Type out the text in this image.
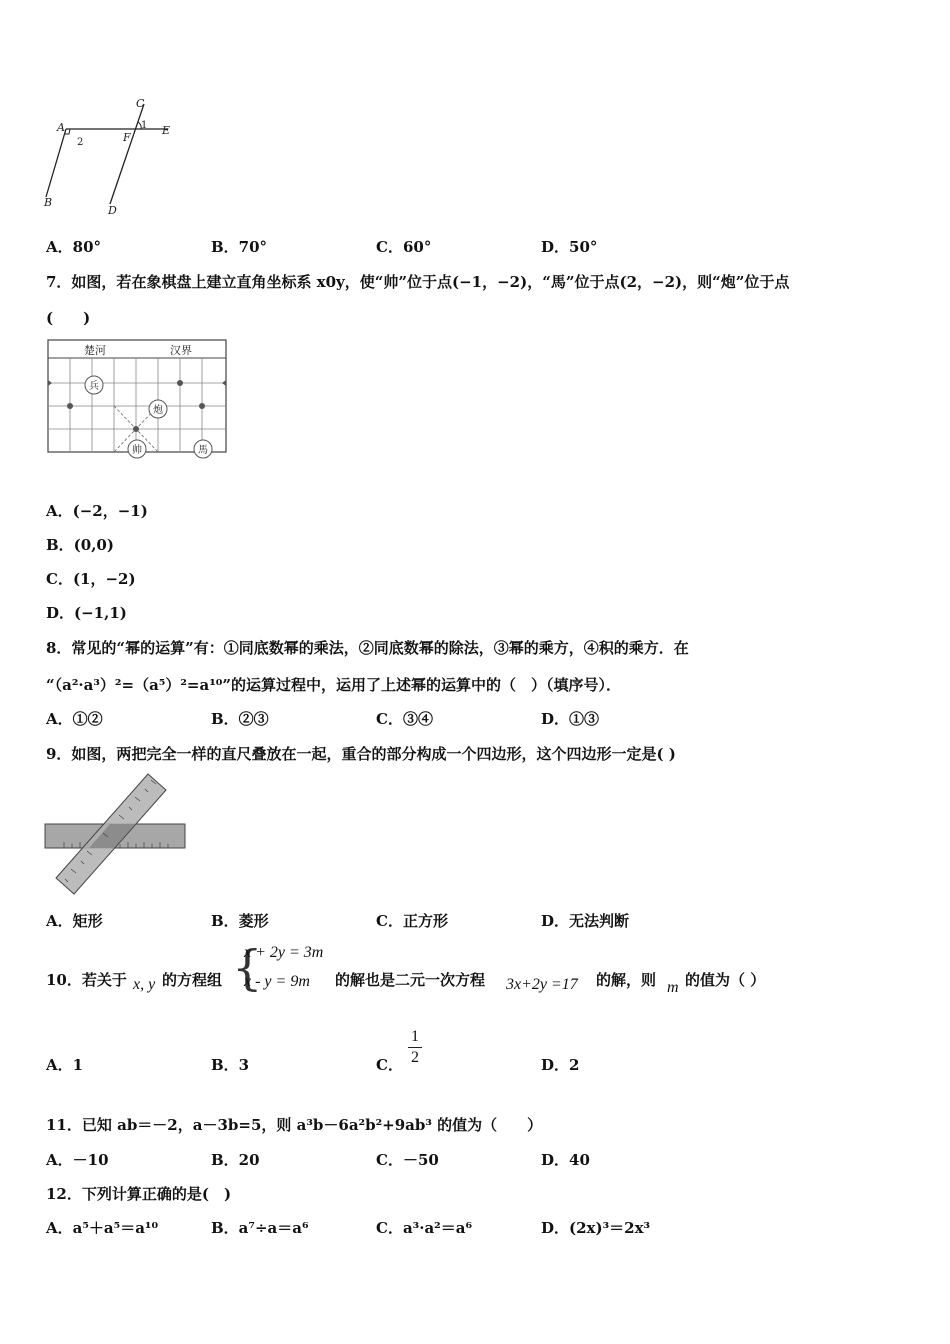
A
C
E
F
B
D
1
2
A．80°	B．70°	C．60°	D．50°
7．如图，若在象棋盘上建立直角坐标系 x0y，使“帅”位于点(−1，−2)，“馬”位于点(2，−2)，则“炮”位于点
(　　)
楚河	汉界
兵
炮
帅	馬
A．(−2，−1)
B．(0,0)
C．(1，−2)
D．(−1,1)
8．常见的“幂的运算”有：①同底数幂的乘法，②同底数幂的除法，③幂的乘方，④积的乘方．在
“（a²·a³）²=（a⁵）²=a¹⁰”的运算过程中，运用了上述幂的运算中的（　）（填序号）．
A．①②	B．②③	C．③④	D．①③
9．如图，两把完全一样的直尺叠放在一起，重合的部分构成一个四边形，这个四边形一定是( )
A．矩形	B．菱形	C．正方形	D．无法判断
10．若关于 x, y 的方程组 {
x + 2y = 3m
x - y = 9m 的解也是二元一次方程 3x+2y =17 的解，则 m 的值为（ ）
A．1	B．3	C．
1
2	D．2
11．已知 ab＝－2，a－3b=5，则 a³b－6a²b²+9ab³ 的值为（　　）
A．－10	B．20	C．－50	D．40
12．下列计算正确的是(　)
A．a⁵＋a⁵＝a¹⁰	B．a⁷÷a＝a⁶	C．a³·a²＝a⁶	D．(2x)³＝2x³
